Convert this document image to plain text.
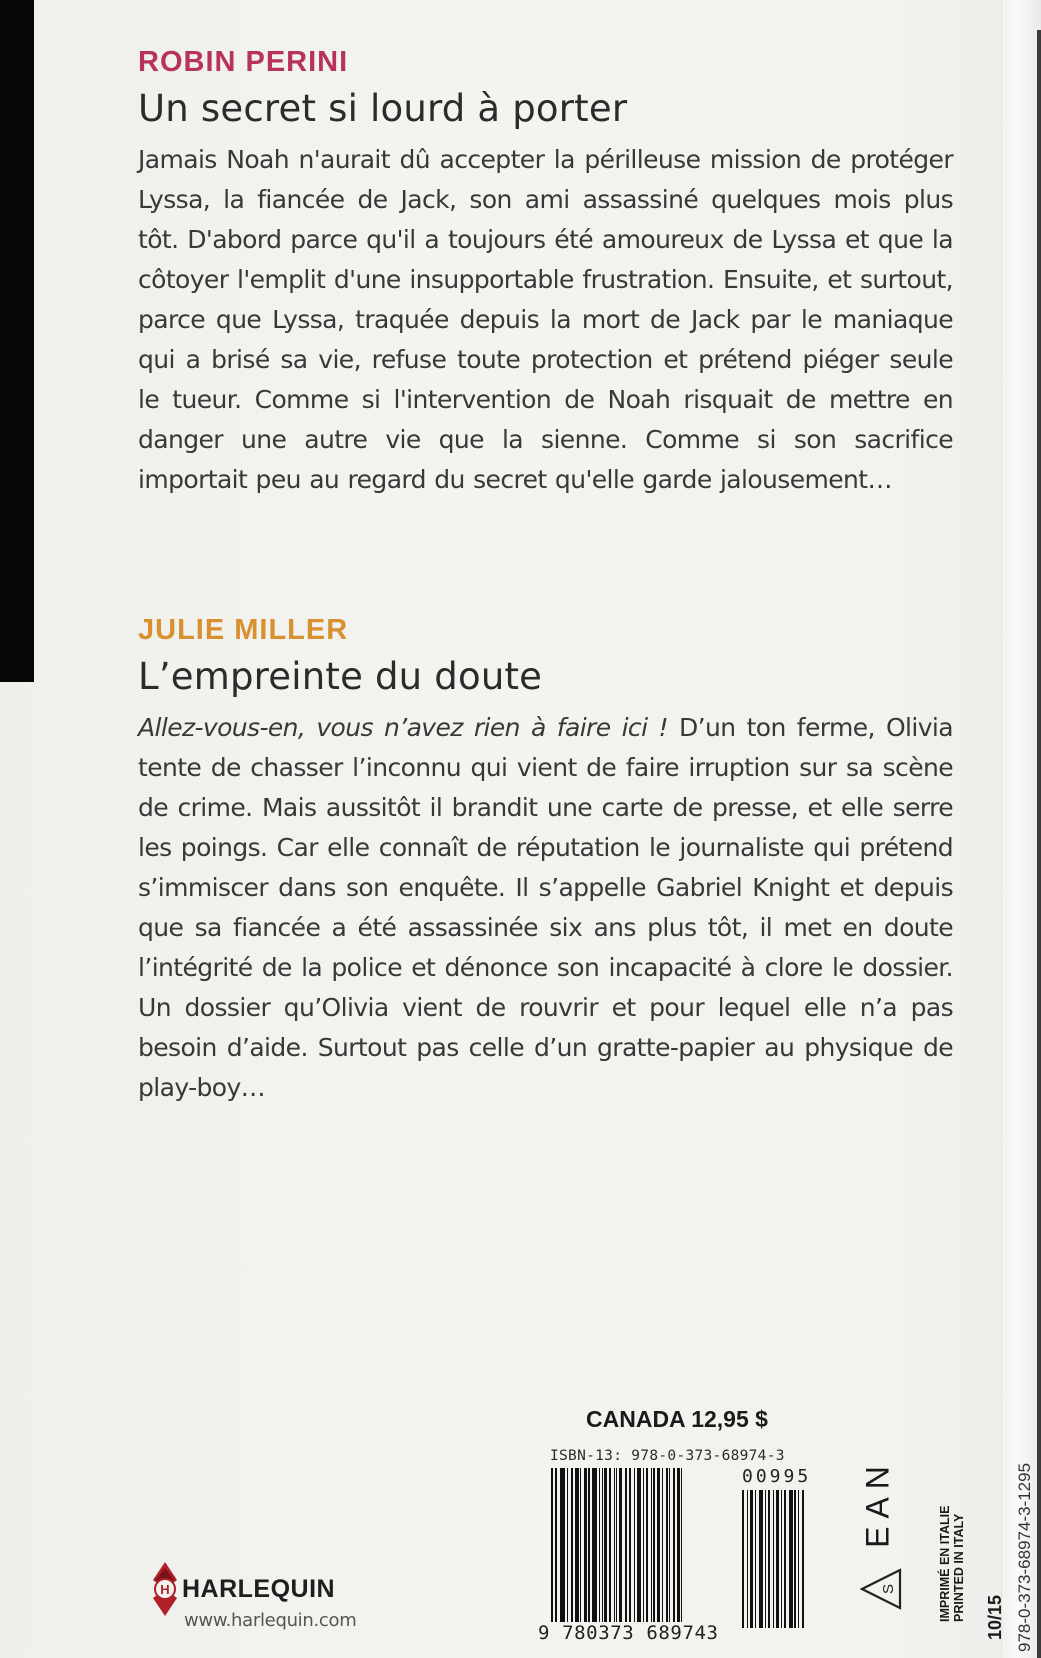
ROBIN PERINI
Un secret si lourd à porter

Jamais Noah n'aurait dû accepter la périlleuse mission de protéger Lyssa, la fiancée de Jack, son ami assassiné quelques mois plus tôt. D'abord parce qu'il a toujours été amoureux de Lyssa et que la côtoyer l'emplit d'une insupportable frustration. Ensuite, et surtout, parce que Lyssa, traquée depuis la mort de Jack par le maniaque qui a brisé sa vie, refuse toute protection et prétend piéger seule le tueur. Comme si l'intervention de Noah risquait de mettre en danger une autre vie que la sienne. Comme si son sacrifice importait peu au regard du secret qu'elle garde jalousement…

JULIE MILLER
L’empreinte du doute

Allez-vous-en, vous n’avez rien à faire ici ! D’un ton ferme, Olivia tente de chasser l’inconnu qui vient de faire irruption sur sa scène de crime. Mais aussitôt il brandit une carte de presse, et elle serre les poings. Car elle connaît de réputation le journaliste qui prétend s’immiscer dans son enquête. Il s’appelle Gabriel Knight et depuis que sa fiancée a été assassinée six ans plus tôt, il met en doute l’intégrité de la police et dénonce son incapacité à clore le dossier. Un dossier qu’Olivia vient de rouvrir et pour lequel elle n’a pas besoin d’aide. Surtout pas celle d’un gratte-papier au physique de play-boy…

CANADA 12,95 $
ISBN-13: 978-0-373-68974-3
00995
9 780373 689743
EAN
S	IMPRIMÉ EN ITALIE PRINTED IN ITALY 10/15 978-0-373-68974-3-1295
H HARLEQUIN
www.harlequin.com
